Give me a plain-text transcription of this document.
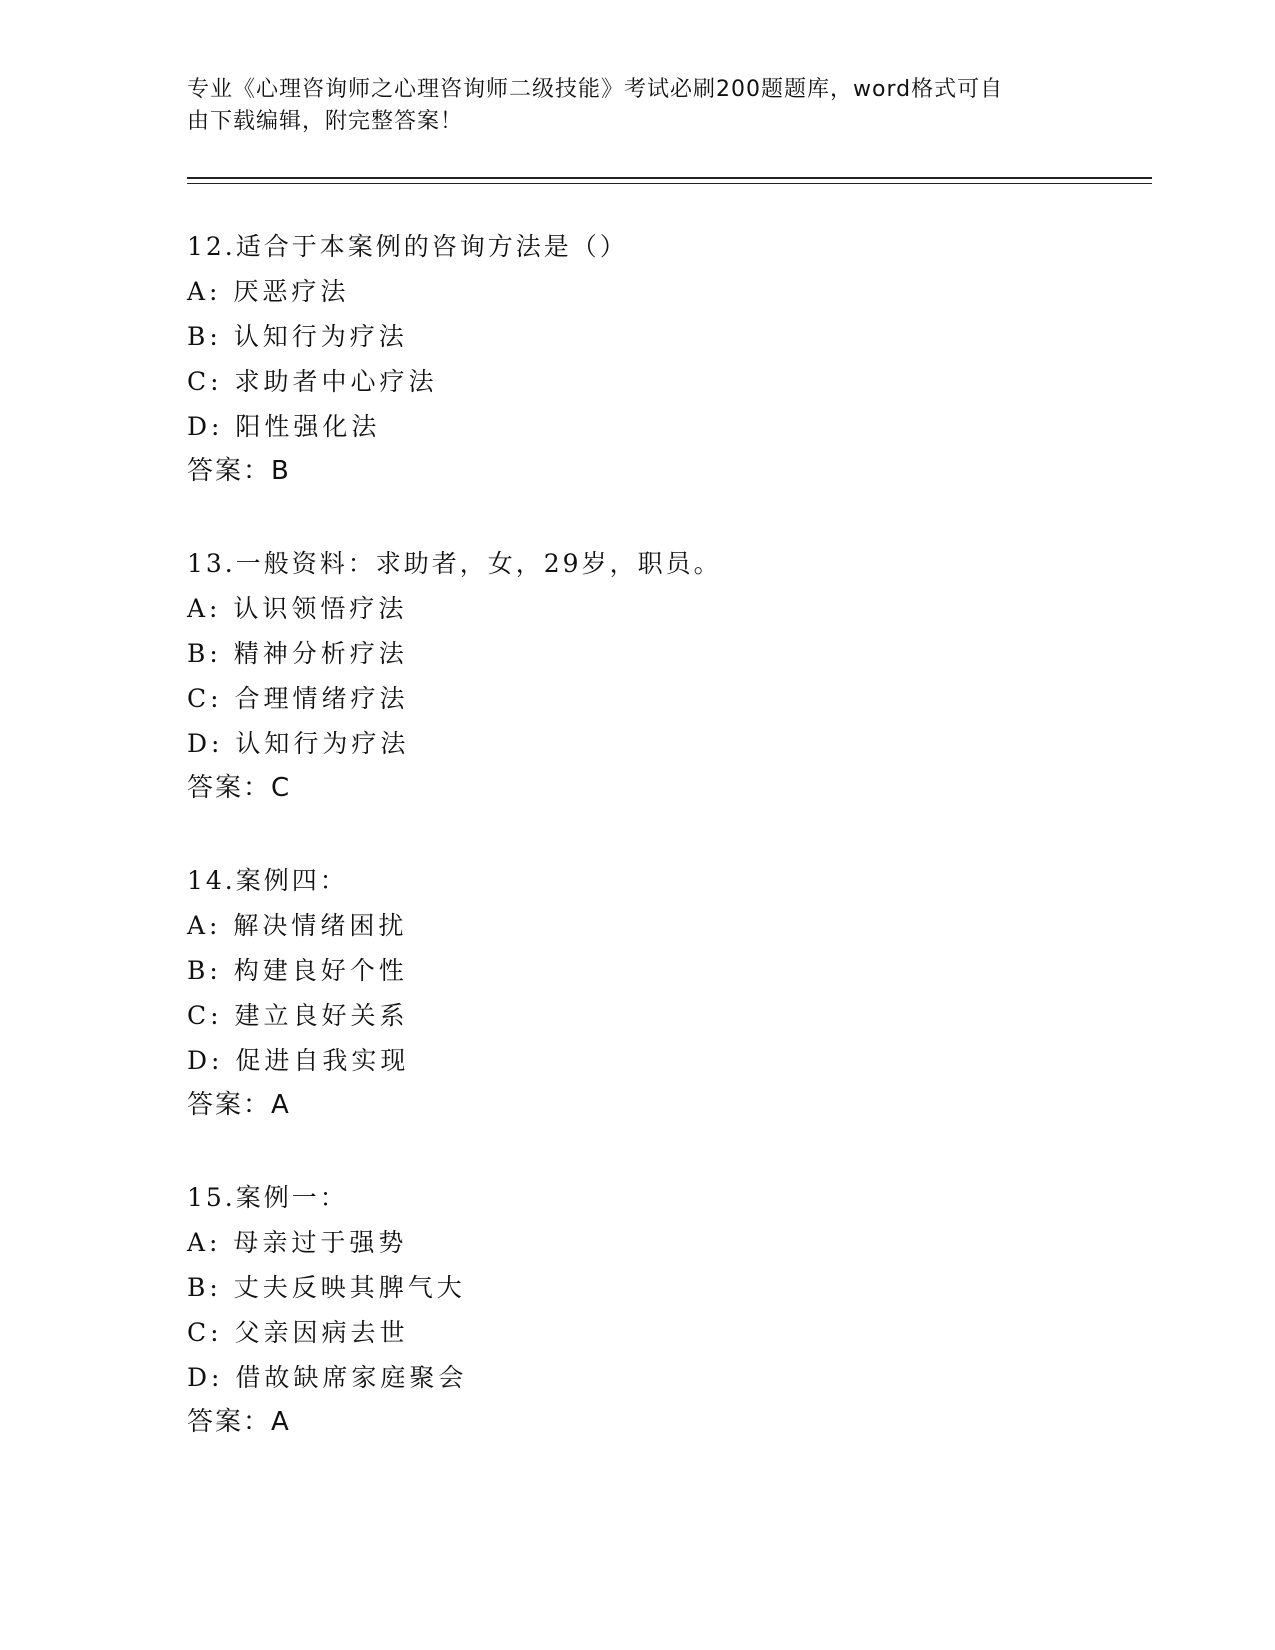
专业《心理咨询师之心理咨询师二级技能》考试必刷200题题库，word格式可自
由下载编辑，附完整答案！
12.适合于本案例的咨询方法是（）
A: 厌恶疗法
B: 认知行为疗法
C: 求助者中心疗法
D: 阳性强化法
答案：B
13.一般资料：求助者，女，29岁，职员。
A: 认识领悟疗法
B: 精神分析疗法
C: 合理情绪疗法
D: 认知行为疗法
答案：C
14.案例四：
A: 解决情绪困扰
B: 构建良好个性
C: 建立良好关系
D: 促进自我实现
答案：A
15.案例一：
A: 母亲过于强势
B: 丈夫反映其脾气大
C: 父亲因病去世
D: 借故缺席家庭聚会
答案：A
